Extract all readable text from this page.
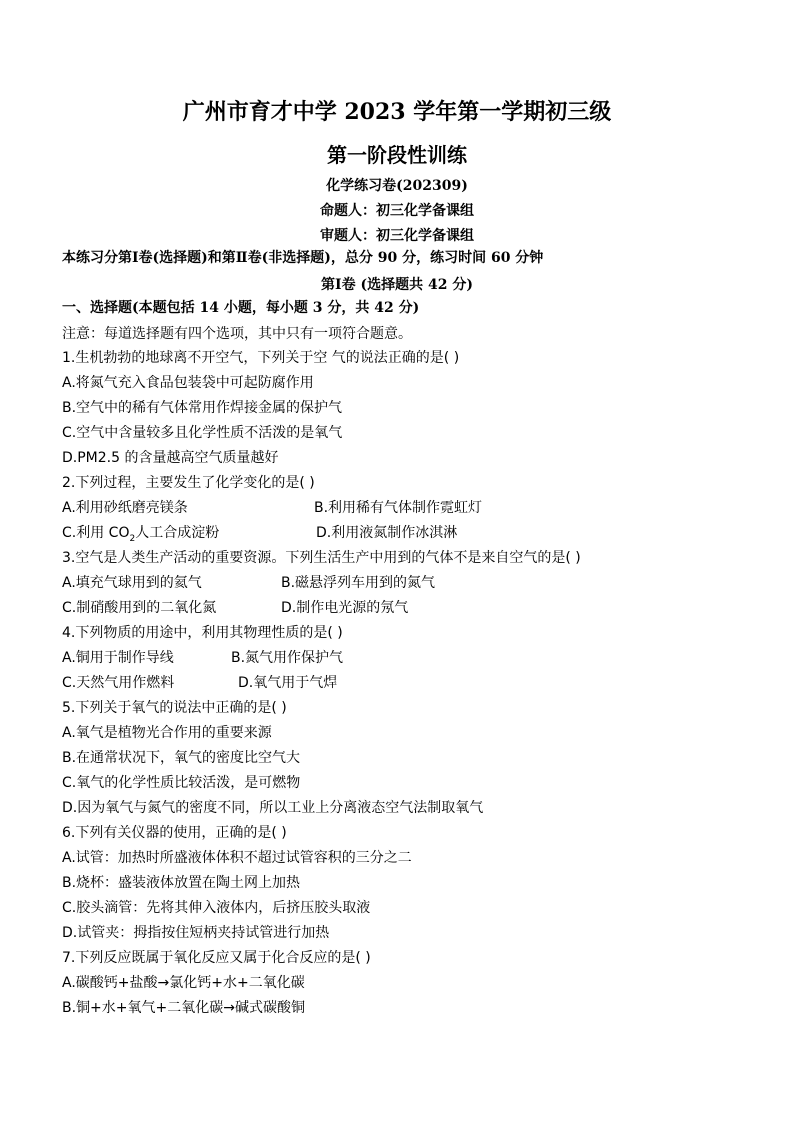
广州市育才中学 2023 学年第一学期初三级
第一阶段性训练
化学练习卷(202309)
命题人：初三化学备课组
审题人：初三化学备课组
本练习分第Ⅰ卷(选择题)和第Ⅱ卷(非选择题)，总分 90 分，练习时间 60 分钟
第Ⅰ卷 (选择题共 42 分)
一、选择题(本题包括 14 小题，每小题 3 分，共 42 分)
注意：每道选择题有四个选项，其中只有一项符合题意。
1.生机勃勃的地球离不开空气，下列关于空 气的说法正确的是( )
A.将氮气充入食品包装袋中可起防腐作用
B.空气中的稀有气体常用作焊接金属的保护气
C.空气中含量较多且化学性质不活泼的是氧气
D.PM2.5 的含量越高空气质量越好
2.下列过程，主要发生了化学变化的是( )
A.利用砂纸磨亮镁条	B.利用稀有气体制作霓虹灯
C.利用 $CO_2$人工合成淀粉	D.利用液氮制作冰淇淋
3.空气是人类生产活动的重要资源。下列生活生产中用到的气体不是来自空气的是( )
A.填充气球用到的氦气	B.磁悬浮列车用到的氮气
C.制硝酸用到的二氧化氮	D.制作电光源的氖气
4.下列物质的用途中，利用其物理性质的是( )
A.铜用于制作导线	B.氮气用作保护气
C.天然气用作燃料	D.氧气用于气焊
5.下列关于氧气的说法中正确的是( )
A.氧气是植物光合作用的重要来源
B.在通常状况下，氧气的密度比空气大
C.氧气的化学性质比较活泼，是可燃物
D.因为氧气与氮气的密度不同，所以工业上分离液态空气法制取氧气
6.下列有关仪器的使用，正确的是( )
A.试管：加热时所盛液体体积不超过试管容积的三分之二
B.烧杯：盛装液体放置在陶土网上加热
C.胶头滴管：先将其伸入液体内，后挤压胶头取液
D.试管夹：拇指按住短柄夹持试管进行加热
7.下列反应既属于氧化反应又属于化合反应的是( )
A.碳酸钙+盐酸→氯化钙+水+二氧化碳
B.铜+水+氧气+二氧化碳→碱式碳酸铜
